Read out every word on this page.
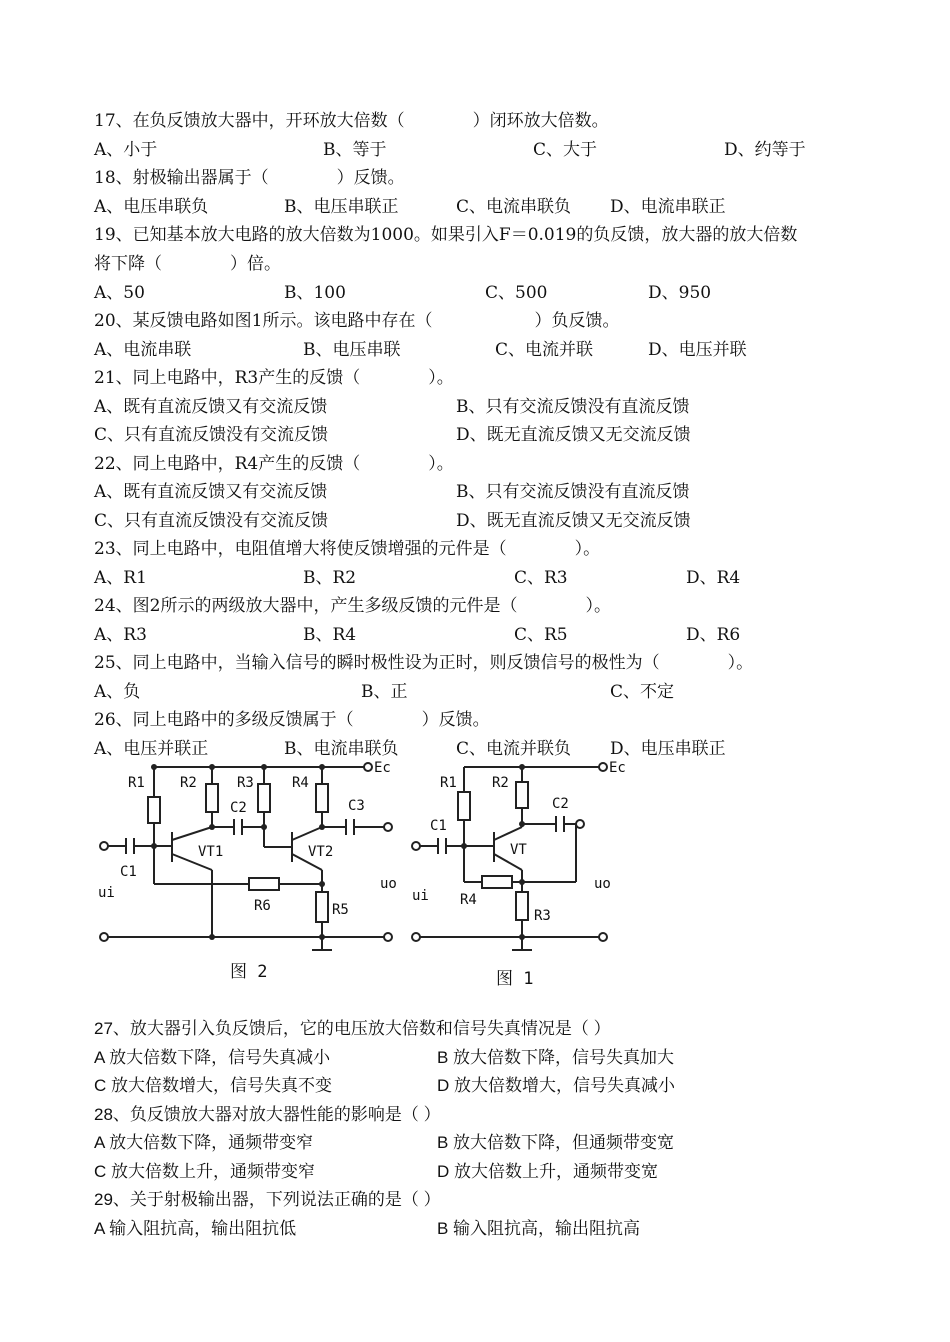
17、在负反馈放大器中，开环放大倍数（　　　　）闭环放大倍数。
A、小于	B、等于	C、大于	D、约等于
18、射极输出器属于（　　　　）反馈。
A、电压串联负	B、电压串联正	C、电流串联负 D、电流串联正
19、已知基本放大电路的放大倍数为1000。如果引入F＝0.019的负反馈，放大器的放大倍数
将下降（　　　　）倍。
A、50	B、100	C、500	D、950
20、某反馈电路如图1所示。该电路中存在（　　　　　　）负反馈。
A、电流串联	B、电压串联	C、电流并联	D、电压并联
21、同上电路中，R3产生的反馈（　　　　）。
A、既有直流反馈又有交流反馈	B、只有交流反馈没有直流反馈
C、只有直流反馈没有交流反馈	D、既无直流反馈又无交流反馈
22、同上电路中，R4产生的反馈（　　　　）。
A、既有直流反馈又有交流反馈	B、只有交流反馈没有直流反馈
C、只有直流反馈没有交流反馈	D、既无直流反馈又无交流反馈
23、同上电路中，电阻值增大将使反馈增强的元件是（　　　　）。
A、R1	B、R2	C、R3	D、R4
24、图2所示的两级放大器中，产生多级反馈的元件是（　　　　）。
A、R3	B、R4	C、R5	D、R6
25、同上电路中，当输入信号的瞬时极性设为正时，则反馈信号的极性为（　　　　）。
A、负	B、正	C、不定
26、同上电路中的多级反馈属于（　　　　）反馈。
A、电压并联正	B、电流串联负	C、电流并联负 D、电压串联正
R1	R2	R3	R4
C2	C3
C1
VT1	VT2
R6	R5
Ec
ui
uo
图 2
R1	R2
C2
C1
VT
R4
R3
Ec
ui
uo
图 1
27、放大器引入负反馈后，它的电压放大倍数和信号失真情况是（ ）
A 放大倍数下降，信号失真减小	B 放大倍数下降，信号失真加大
C 放大倍数增大，信号失真不变	D 放大倍数增大，信号失真减小
28、负反馈放大器对放大器性能的影响是（ ）
A 放大倍数下降，通频带变窄	B 放大倍数下降，但通频带变宽
C 放大倍数上升，通频带变窄	D 放大倍数上升，通频带变宽
29、关于射极输出器，下列说法正确的是（ ）
A 输入阻抗高，输出阻抗低	B 输入阻抗高，输出阻抗高
